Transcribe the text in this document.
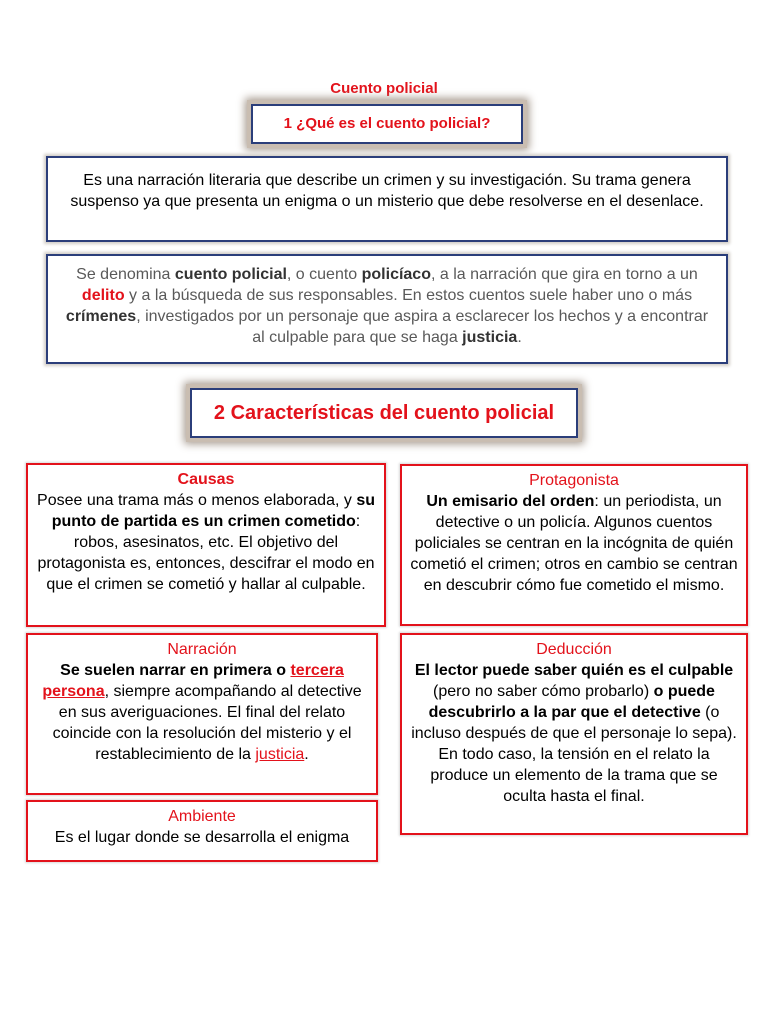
Cuento policial
1 ¿Qué es el cuento policial?
Es una narración literaria que describe un crimen y su investigación. Su trama genera suspenso ya que presenta un enigma o un misterio que debe resolverse en el desenlace.
Se denomina cuento policial, o cuento policíaco, a la narración que gira en torno a un delito y a la búsqueda de sus responsables. En estos cuentos suele haber uno o más crímenes, investigados por un personaje que aspira a esclarecer los hechos y a encontrar al culpable para que se haga justicia.
2 Características del cuento policial
Causas
Posee una trama más o menos elaborada, y su punto de partida es un crimen cometido: robos, asesinatos, etc. El objetivo del protagonista es, entonces, descifrar el modo en que el crimen se cometió y hallar al culpable.
Protagonista
Un emisario del orden: un periodista, un detective o un policía. Algunos cuentos policiales se centran en la incógnita de quién cometió el crimen; otros en cambio se centran en descubrir cómo fue cometido el mismo.
Narración
Se suelen narrar en primera o tercera persona, siempre acompañando al detective en sus averiguaciones. El final del relato coincide con la resolución del misterio y el restablecimiento de la justicia.
Deducción
El lector puede saber quién es el culpable (pero no saber cómo probarlo) o puede descubrirlo a la par que el detective (o incluso después de que el personaje lo sepa). En todo caso, la tensión en el relato la produce un elemento de la trama que se oculta hasta el final.
Ambiente
Es el lugar donde se desarrolla el enigma
